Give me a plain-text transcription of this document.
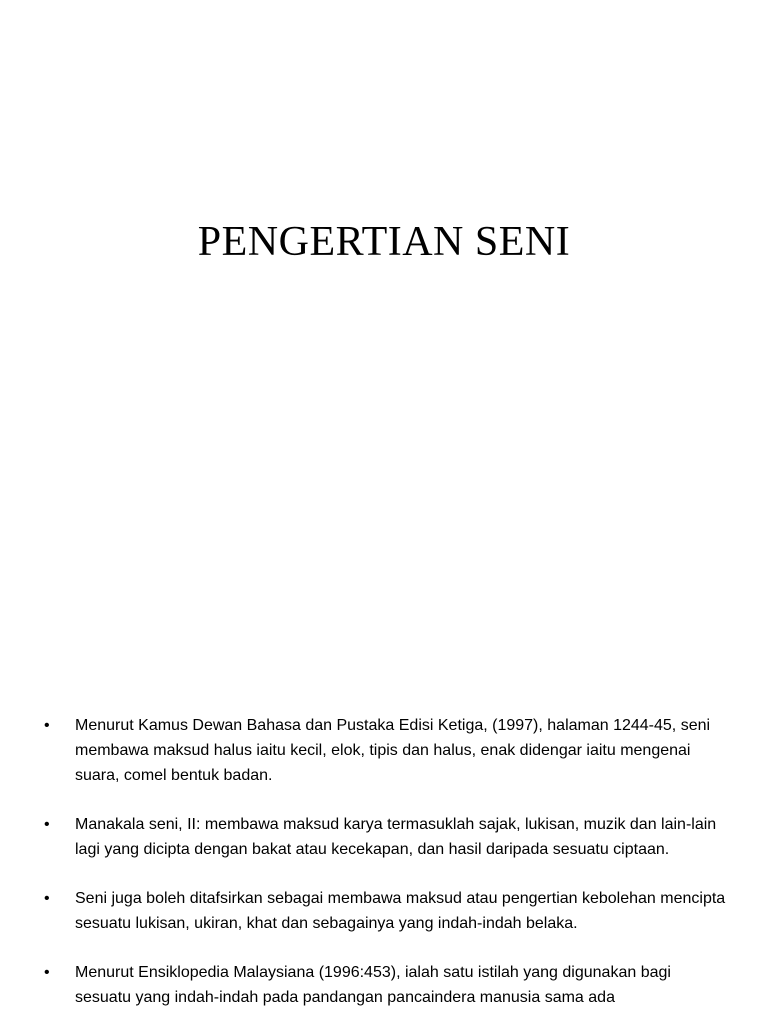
PENGERTIAN SENI
• Menurut Kamus Dewan Bahasa dan Pustaka Edisi Ketiga, (1997), halaman 1244-45, seni membawa maksud halus iaitu kecil, elok, tipis dan halus, enak didengar iaitu mengenai suara, comel bentuk badan.
• Manakala seni, II: membawa maksud karya termasuklah sajak, lukisan, muzik dan lain-lain lagi yang dicipta dengan bakat atau kecekapan, dan hasil daripada sesuatu ciptaan.
• Seni juga boleh ditafsirkan sebagai membawa maksud atau pengertian kebolehan mencipta sesuatu lukisan, ukiran, khat dan sebagainya yang indah-indah belaka.
• Menurut Ensiklopedia Malaysiana (1996:453), ialah satu istilah yang digunakan bagi sesuatu yang indah-indah pada pandangan pancaindera manusia sama ada
